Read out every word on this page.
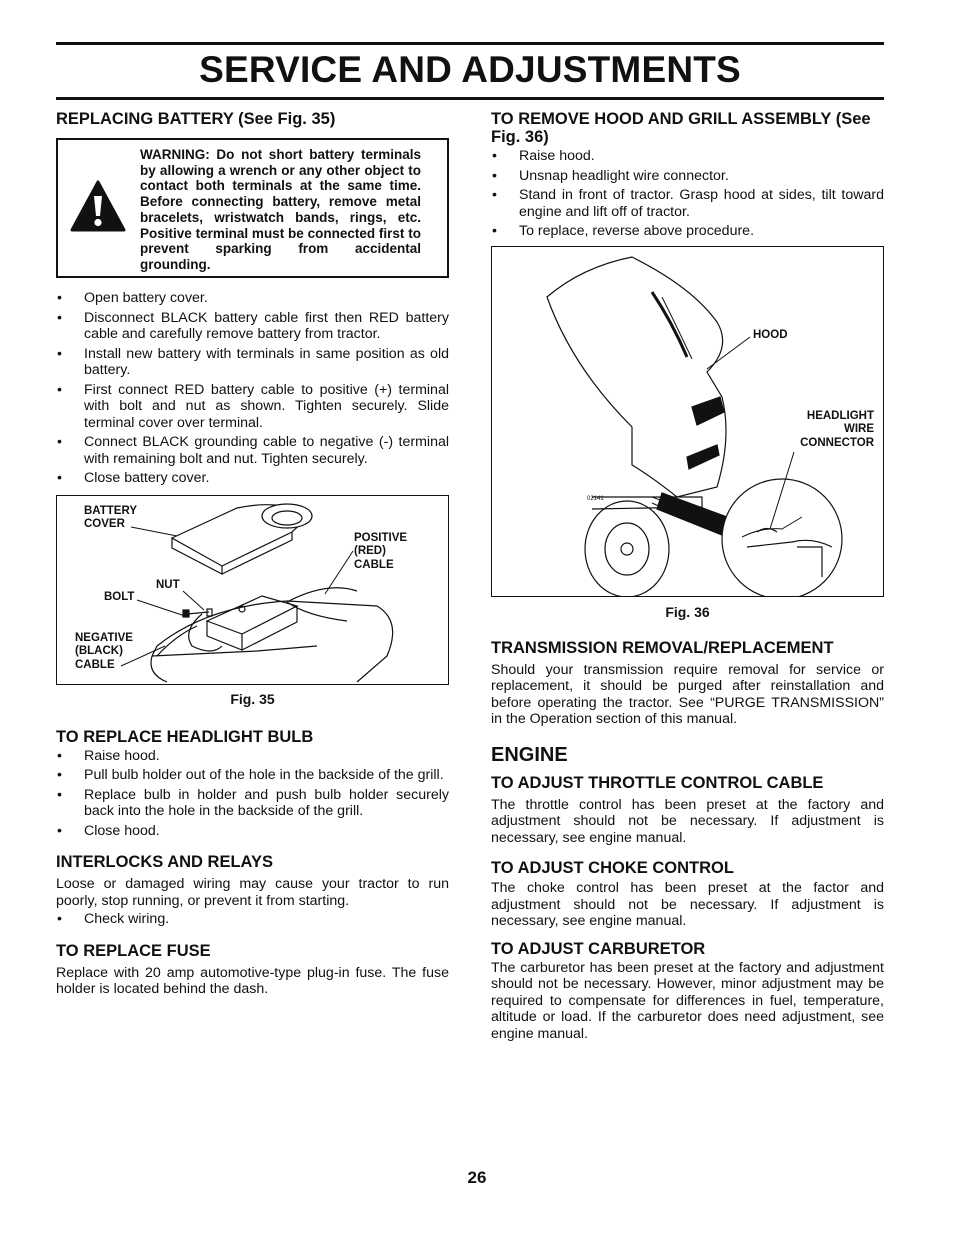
SERVICE AND ADJUSTMENTS
REPLACING BATTERY (See Fig. 35)
WARNING: Do not short battery terminals by allowing a wrench or any other object to contact both terminals at the same time. Before connecting battery, remove metal bracelets, wristwatch bands, rings, etc. Positive terminal must be connected first to prevent sparking from accidental grounding.
• Open battery cover.
• Disconnect BLACK battery cable first then RED battery cable and carefully remove battery from tractor.
• Install new battery with terminals in same position as old battery.
• First connect RED battery cable to positive (+) terminal with bolt and nut as shown. Tighten securely. Slide terminal cover over terminal.
• Connect BLACK grounding cable to negative (-) terminal with remaining bolt and nut. Tighten securely.
• Close battery cover.
BATTERY COVER
POSITIVE (RED) CABLE
NUT
BOLT
NEGATIVE (BLACK) CABLE
Fig. 35
TO REPLACE HEADLIGHT BULB
• Raise hood.
• Pull bulb holder out of the hole in the backside of the grill.
• Replace bulb in holder and push bulb holder securely back into the hole in the backside of the grill.
• Close hood.
INTERLOCKS AND RELAYS

Loose or damaged wiring may cause your tractor to run poorly, stop running, or prevent it from starting.

• Check wiring.
TO REPLACE FUSE

Replace with 20 amp automotive-type plug-in fuse. The fuse holder is located behind the dash.

TO REMOVE HOOD AND GRILL ASSEMBLY (See Fig. 36)
• Raise hood.
• Unsnap headlight wire connector.
• Stand in front of tractor. Grasp hood at sides, tilt toward engine and lift off of tractor.
• To replace, reverse above procedure.
HOOD
HEADLIGHT WIRE CONNECTOR
02141
Fig. 36
TRANSMISSION REMOVAL/REPLACEMENT

Should your transmission require removal for service or replacement, it should be purged after reinstallation and before operating the tractor. See “PURGE TRANSMISSION” in the Operation section of this manual.

ENGINE
TO ADJUST THROTTLE CONTROL CABLE

The throttle control has been preset at the factory and adjustment should not be necessary. If adjustment is necessary, see engine manual.

TO ADJUST CHOKE CONTROL

The choke control has been preset at the factor and adjustment should not be necessary. If adjustment is necessary, see engine manual.

TO ADJUST CARBURETOR

The carburetor has been preset at the factory and adjustment should not be necessary. However, minor adjustment may be required to compensate for differences in fuel, temperature, altitude or load. If the carburetor does need adjustment, see engine manual.

26
